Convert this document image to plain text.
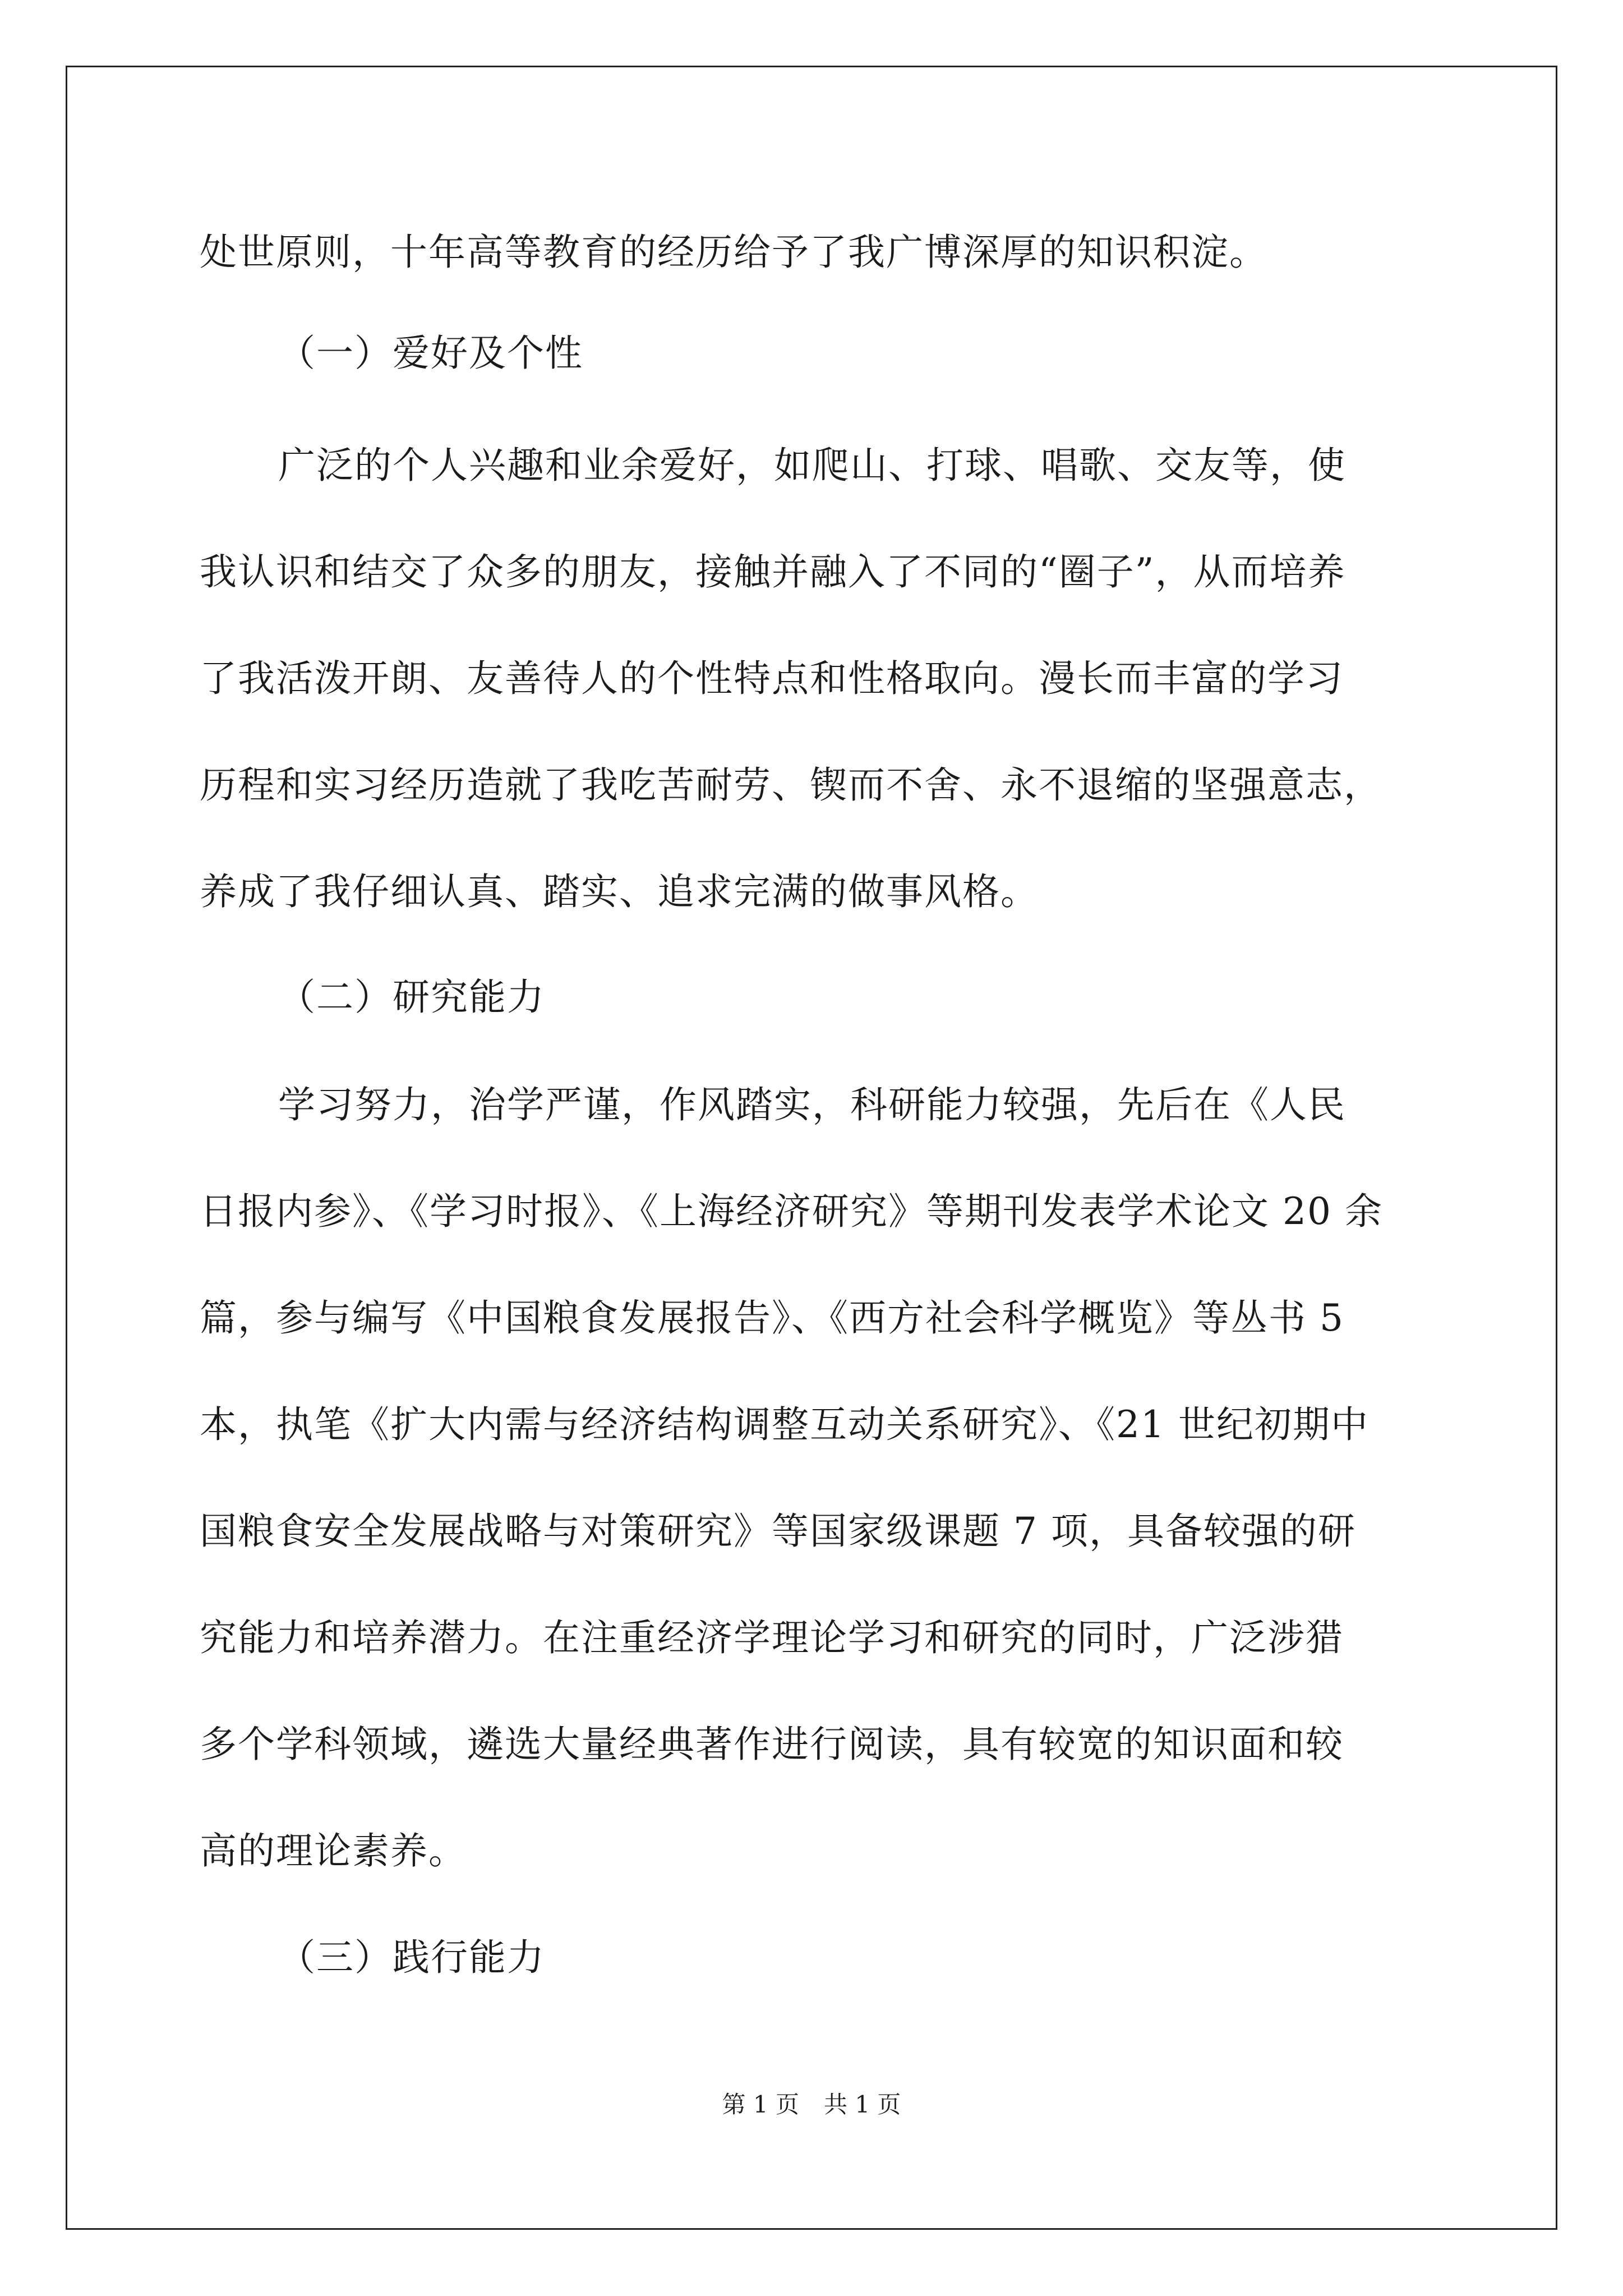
处世原则，十年高等教育的经历给予了我广博深厚的知识积淀。
（一）爱好及个性
广泛的个人兴趣和业余爱好，如爬山、打球、唱歌、交友等，使
我认识和结交了众多的朋友，接触并融入了不同的“圈子”，从而培养
了我活泼开朗、友善待人的个性特点和性格取向。漫长而丰富的学习
历程和实习经历造就了我吃苦耐劳、锲而不舍、永不退缩的坚强意志，
养成了我仔细认真、踏实、追求完满的做事风格。
（二）研究能力
学习努力，治学严谨，作风踏实，科研能力较强，先后在《人民
日报内参》、《学习时报》、《上海经济研究》等期刊发表学术论文 20 余
篇，参与编写《中国粮食发展报告》、《西方社会科学概览》等丛书 5
本，执笔《扩大内需与经济结构调整互动关系研究》、《21 世纪初期中
国粮食安全发展战略与对策研究》等国家级课题 7 项，具备较强的研
究能力和培养潜力。在注重经济学理论学习和研究的同时，广泛涉猎
多个学科领域，遴选大量经典著作进行阅读，具有较宽的知识面和较
高的理论素养。
（三）践行能力
第 1 页 共 1 页
